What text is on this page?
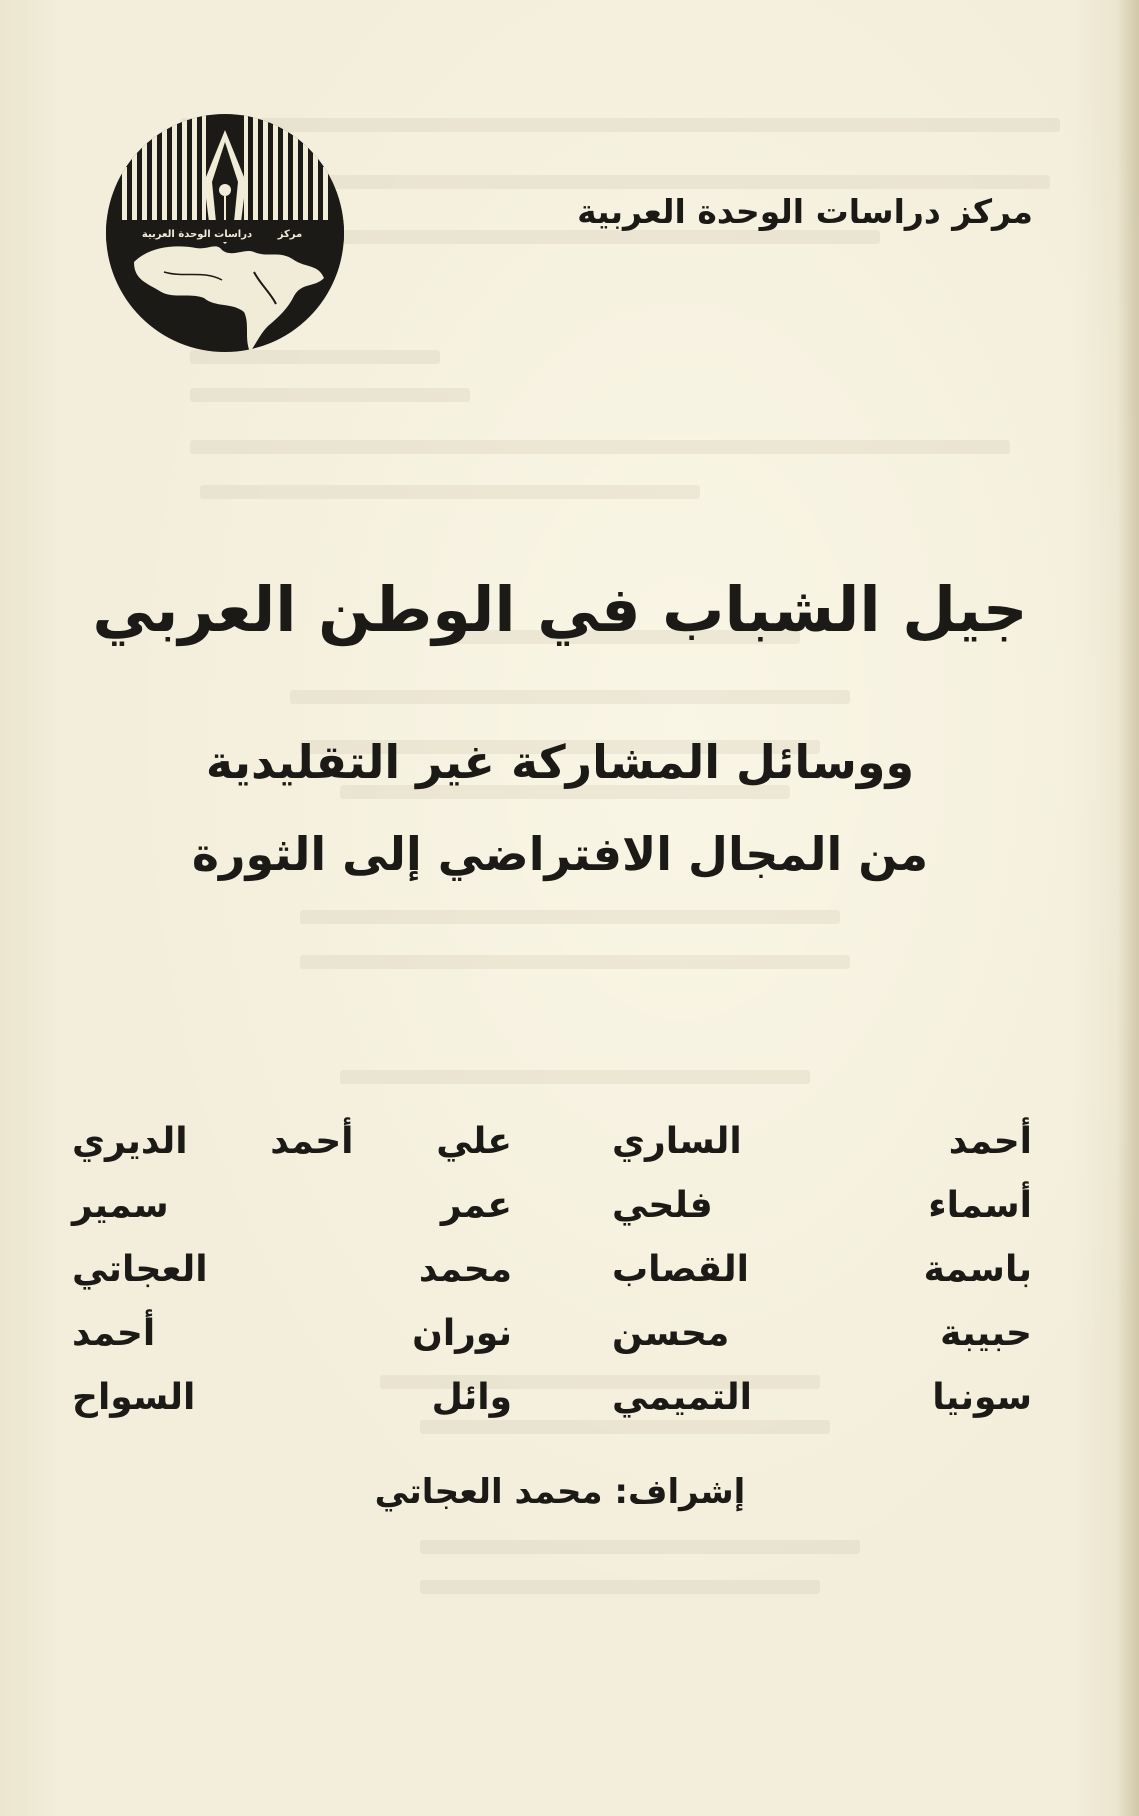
دراسات الوحدة العربية	مركز
مركز دراسات الوحدة العربية
جيل الشباب في الوطن العربي
ووسائل المشاركة غير التقليدية
من المجال الافتراضي إلى الثورة
أحمد الساري
أسماء فلحي
باسمة القصاب
حبيبة محسن
سونيا التميمي
علي أحمد الديري
عمر سمير
محمد العجاتي
نوران أحمد
وائل السواح
إشراف: محمد العجاتي
